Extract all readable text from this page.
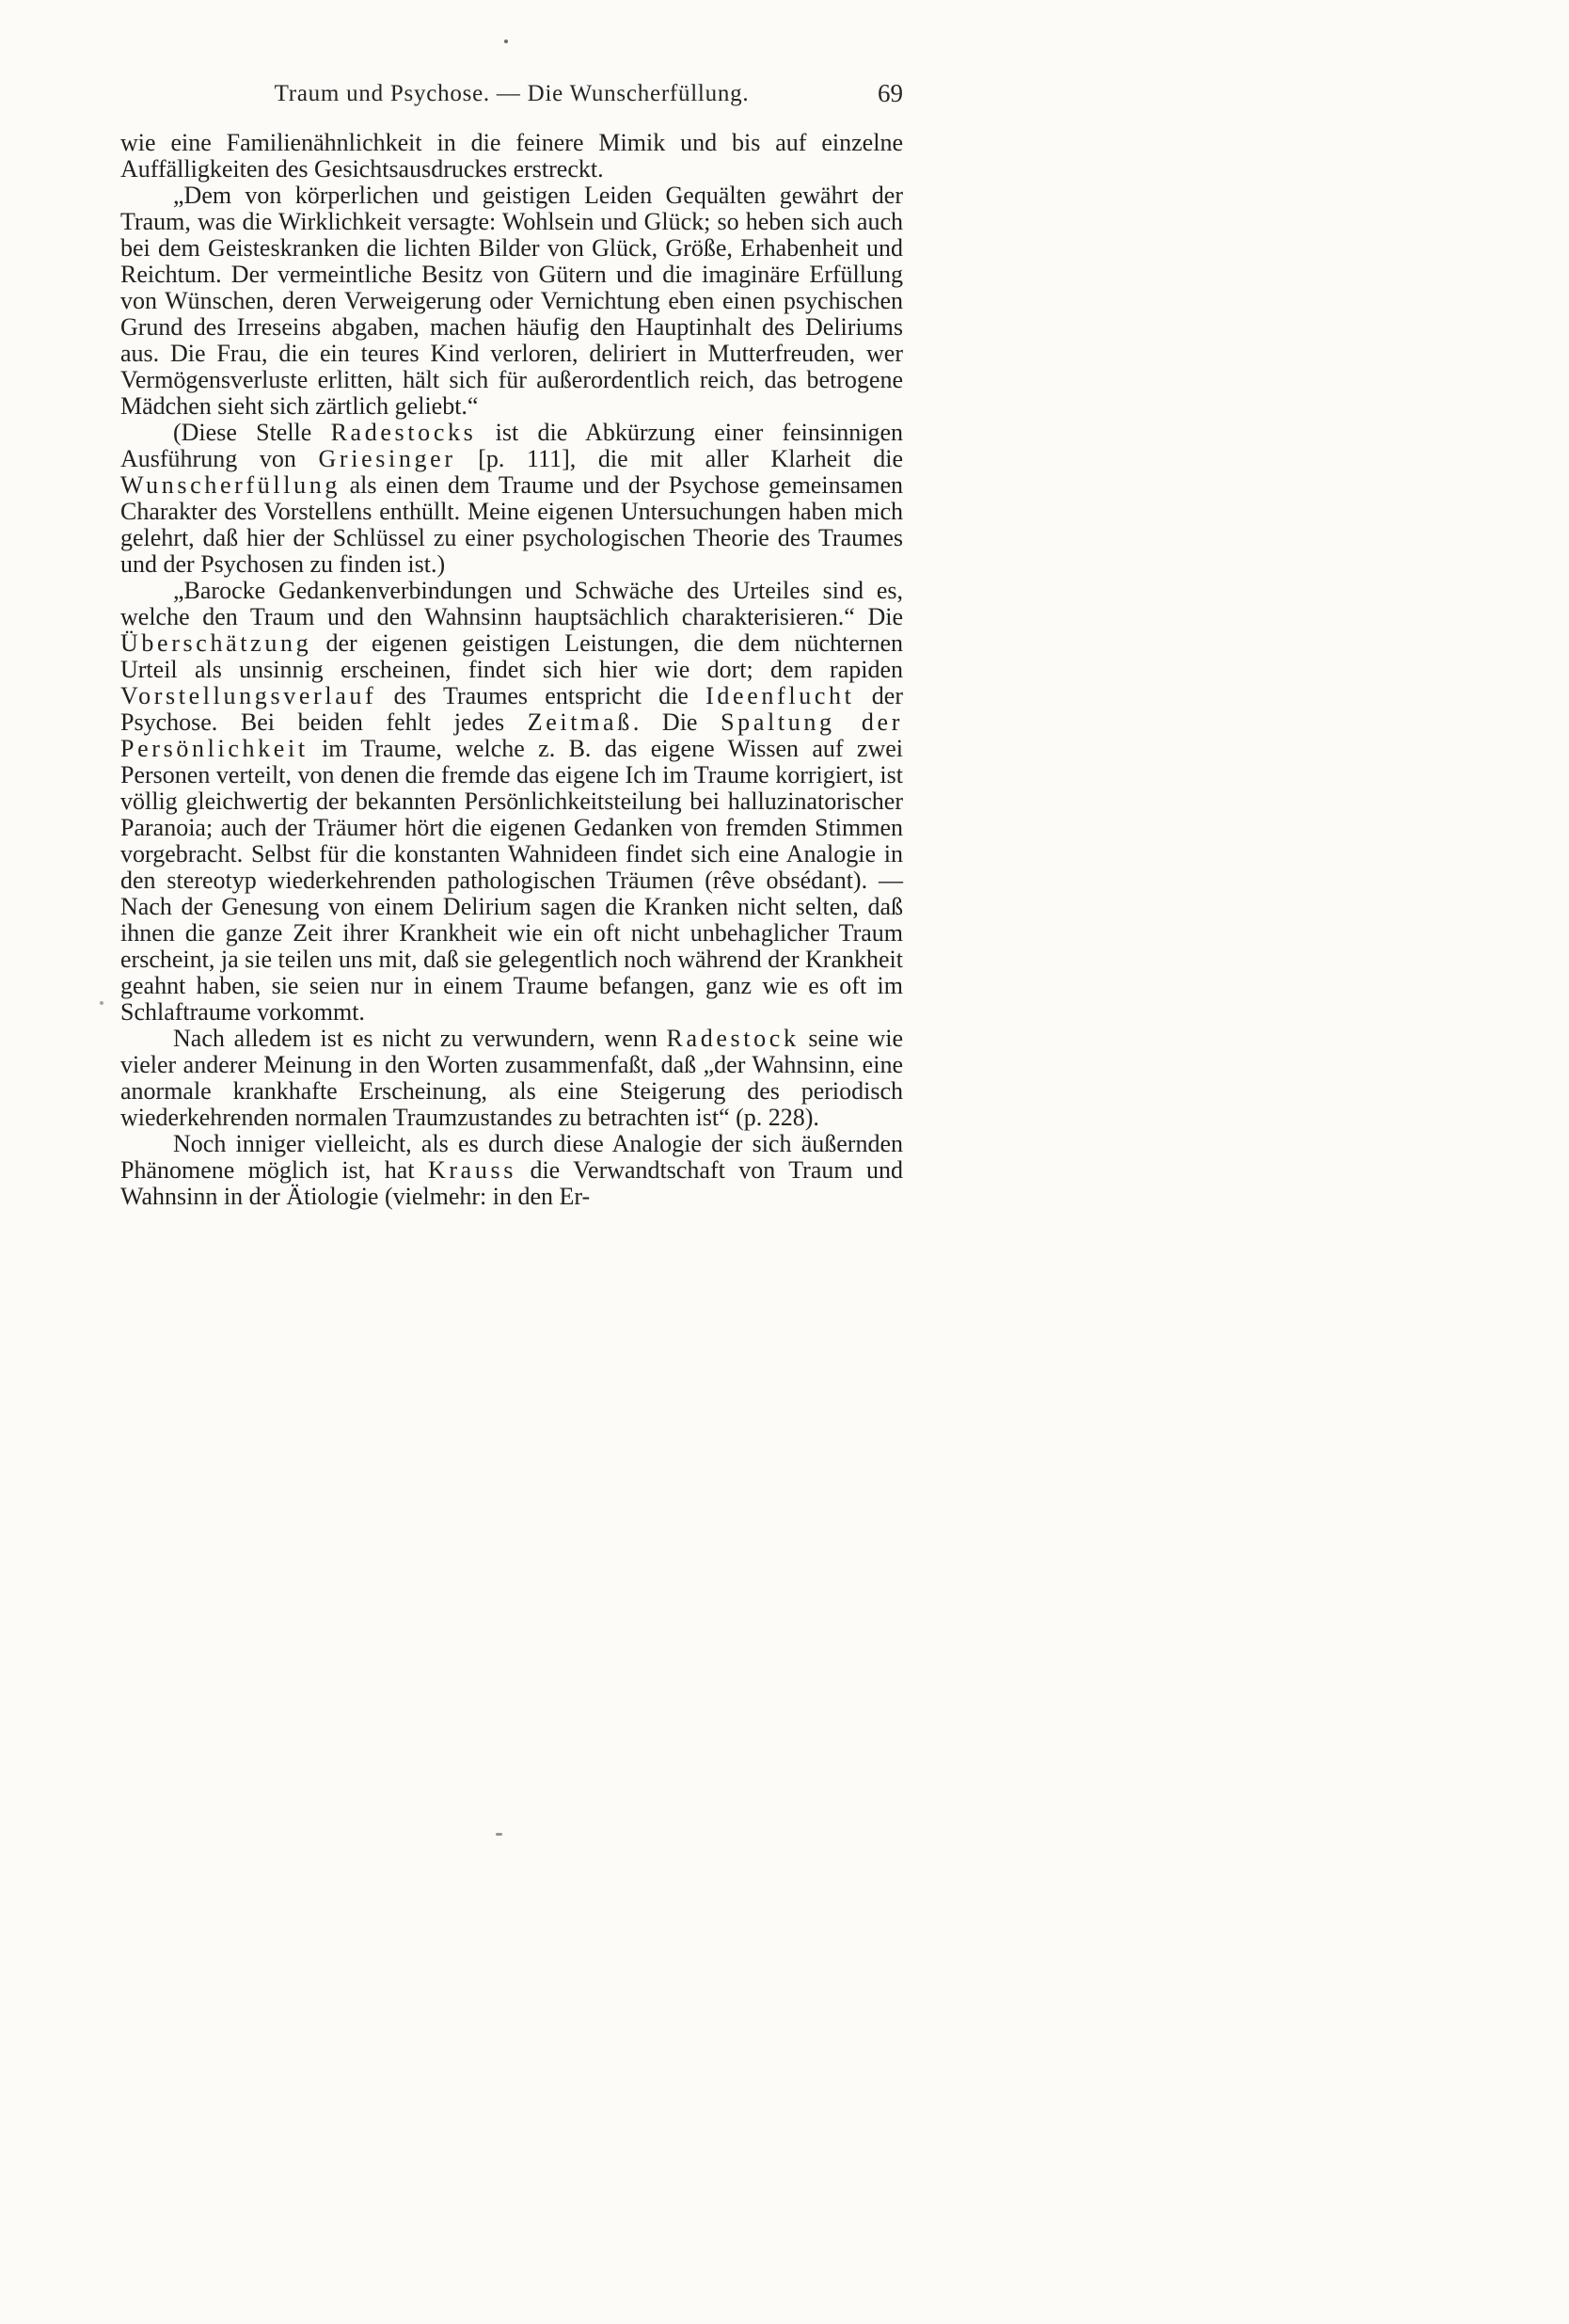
Traum und Psychose. — Die Wunscherfüllung.	69

wie eine Familienähnlichkeit in die feinere Mimik und bis auf einzelne Auffälligkeiten des Gesichtsausdruckes erstreckt.

„Dem von körperlichen und geistigen Leiden Gequälten gewährt der Traum, was die Wirklichkeit versagte: Wohlsein und Glück; so heben sich auch bei dem Geisteskranken die lichten Bilder von Glück, Größe, Erhabenheit und Reichtum. Der vermeintliche Besitz von Gütern und die imaginäre Erfüllung von Wünschen, deren Verweigerung oder Vernichtung eben einen psychischen Grund des Irreseins abgaben, machen häufig den Hauptinhalt des Deliriums aus. Die Frau, die ein teures Kind verloren, deliriert in Mutterfreuden, wer Vermögensverluste erlitten, hält sich für außerordentlich reich, das betrogene Mädchen sieht sich zärtlich geliebt.“

(Diese Stelle Radestocks ist die Abkürzung einer feinsinnigen Ausführung von Griesinger [p. 111], die mit aller Klarheit die Wunscherfüllung als einen dem Traume und der Psychose gemeinsamen Charakter des Vorstellens enthüllt. Meine eigenen Untersuchungen haben mich gelehrt, daß hier der Schlüssel zu einer psychologischen Theorie des Traumes und der Psychosen zu finden ist.)

„Barocke Gedankenverbindungen und Schwäche des Urteiles sind es, welche den Traum und den Wahnsinn hauptsächlich charakterisieren.“ Die Überschätzung der eigenen geistigen Leistungen, die dem nüchternen Urteil als unsinnig erscheinen, findet sich hier wie dort; dem rapiden Vorstellungsverlauf des Traumes entspricht die Ideenflucht der Psychose. Bei beiden fehlt jedes Zeitmaß. Die Spaltung der Persönlichkeit im Traume, welche z. B. das eigene Wissen auf zwei Personen verteilt, von denen die fremde das eigene Ich im Traume korrigiert, ist völlig gleichwertig der bekannten Persönlichkeitsteilung bei halluzinatorischer Paranoia; auch der Träumer hört die eigenen Gedanken von fremden Stimmen vorgebracht. Selbst für die konstanten Wahnideen findet sich eine Analogie in den stereotyp wiederkehrenden pathologischen Träumen (rêve obsédant). — Nach der Genesung von einem Delirium sagen die Kranken nicht selten, daß ihnen die ganze Zeit ihrer Krankheit wie ein oft nicht unbehaglicher Traum erscheint, ja sie teilen uns mit, daß sie gelegentlich noch während der Krankheit geahnt haben, sie seien nur in einem Traume befangen, ganz wie es oft im Schlaftraume vorkommt.

Nach alledem ist es nicht zu verwundern, wenn Radestock seine wie vieler anderer Meinung in den Worten zusammenfaßt, daß „der Wahnsinn, eine anormale krankhafte Erscheinung, als eine Steigerung des periodisch wiederkehrenden normalen Traumzustandes zu betrachten ist“ (p. 228).

Noch inniger vielleicht, als es durch diese Analogie der sich äußernden Phänomene möglich ist, hat Krauss die Verwandtschaft von Traum und Wahnsinn in der Ätiologie (vielmehr: in den Er-
